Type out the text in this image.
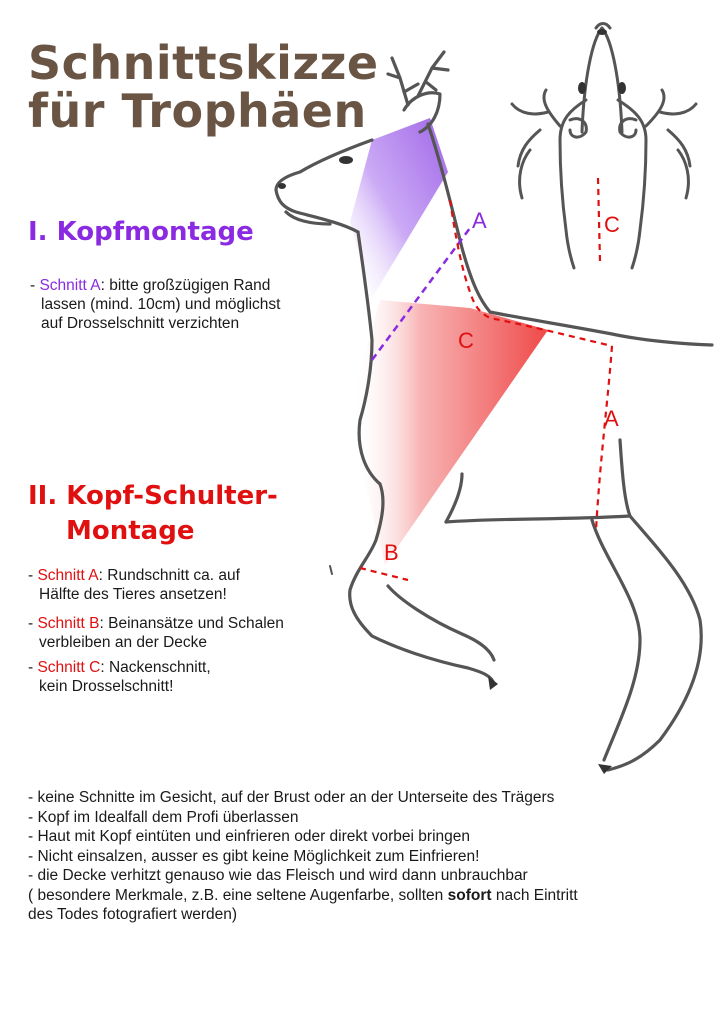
Schnittskizze
für Trophäen
I. Kopfmontage
- Schnitt A: bitte großzügigen Rand
lassen (mind. 10cm) und möglichst
auf Drosselschnitt verzichten
II. Kopf-Schulter-
Montage
- Schnitt A: Rundschnitt ca. auf
Hälfte des Tieres ansetzen!
- Schnitt B: Beinansätze und Schalen
verbleiben an der Decke
- Schnitt C: Nackenschnitt,
kein Drosselschnitt!
A
C
A
B
C
- keine Schnitte im Gesicht, auf der Brust oder an der Unterseite des Trägers
- Kopf im Idealfall dem Profi überlassen
- Haut mit Kopf eintüten und einfrieren oder direkt vorbei bringen
- Nicht einsalzen, ausser es gibt keine Möglichkeit zum Einfrieren!
- die Decke verhitzt genauso wie das Fleisch und wird dann unbrauchbar
( besondere Merkmale, z.B. eine seltene Augenfarbe, sollten sofort nach Eintritt
des Todes fotografiert werden)
